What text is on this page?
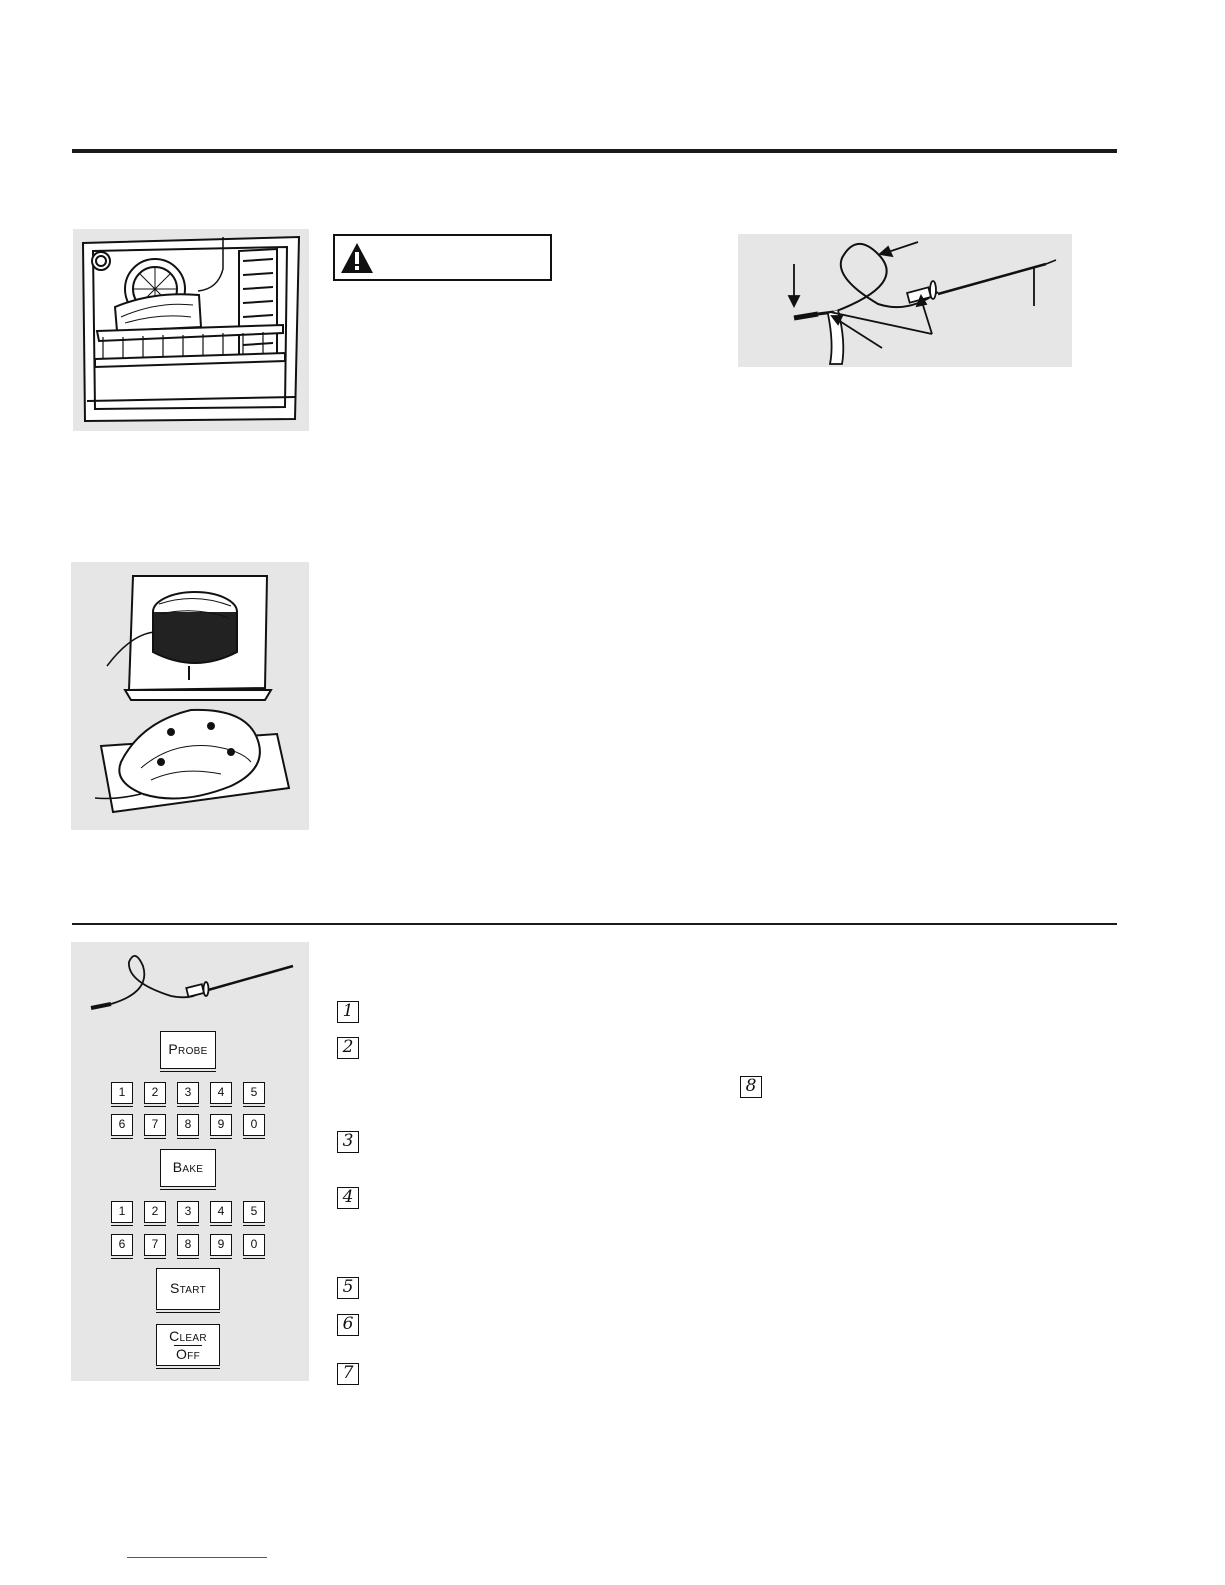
Probe
1	2	3	4	5
6	7	8	9	0
Bake
1	2	3	4	5
6	7	8	9	0
Start
Clear
Off
1
2
3
4
5
6
7
8
